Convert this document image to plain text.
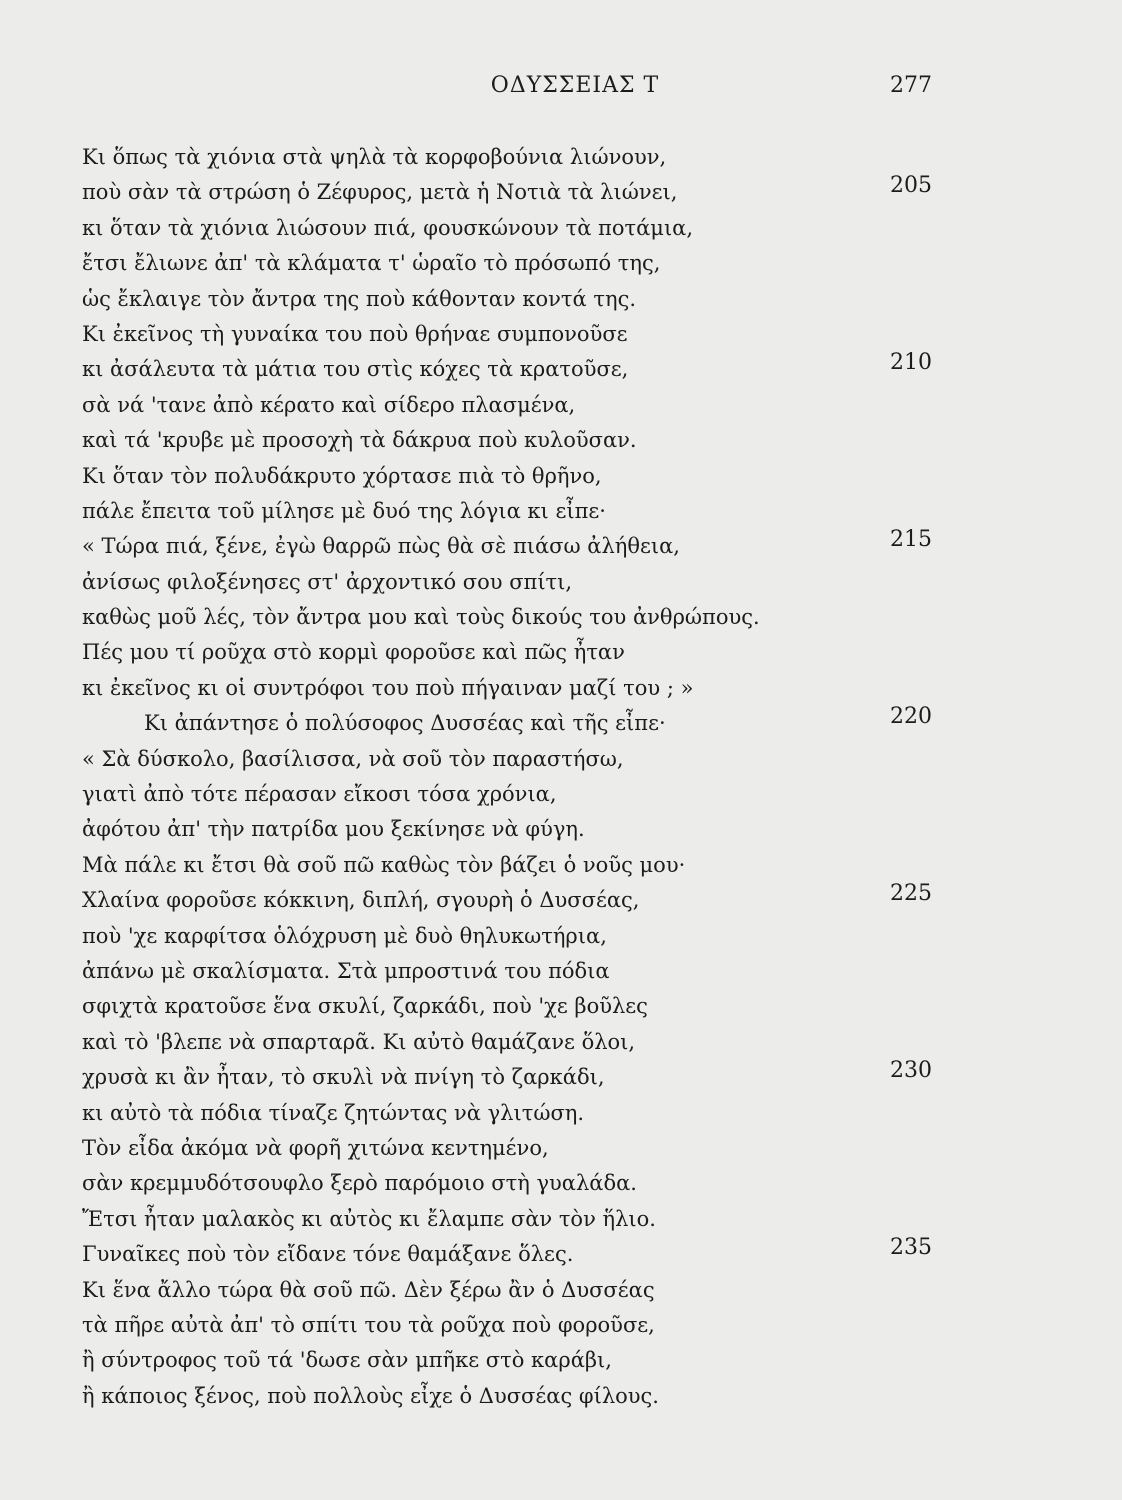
ΟΔΥΣΣΕΙΑΣ Τ	277
Κι ὅπως τὰ χιόνια στὰ ψηλὰ τὰ κορφοβούνια λιώνουν,
ποὺ σὰν τὰ στρώση ὁ Ζέφυρος, μετὰ ἡ Νοτιὰ τὰ λιώνει,	205
κι ὅταν τὰ χιόνια λιώσουν πιά, φουσκώνουν τὰ ποτάμια,
ἔτσι ἔλιωνε ἀπ' τὰ κλάματα τ' ὡραῖο τὸ πρόσωπό της,
ὡς ἔκλαιγε τὸν ἄντρα της ποὺ κάθονταν κοντά της.
Κι ἐκεῖνος τὴ γυναίκα του ποὺ θρήναε συμπονοῦσε
κι ἀσάλευτα τὰ μάτια του στὶς κόχες τὰ κρατοῦσε,	210
σὰ νά 'τανε ἀπὸ κέρατο καὶ σίδερο πλασμένα,
καὶ τά 'κρυβε μὲ προσοχὴ τὰ δάκρυα ποὺ κυλοῦσαν.
Κι ὅταν τὸν πολυδάκρυτο χόρτασε πιὰ τὸ θρῆνο,
πάλε ἔπειτα τοῦ μίλησε μὲ δυό της λόγια κι εἶπε·
« Τώρα πιά, ξένε, ἐγὼ θαρρῶ πὼς θὰ σὲ πιάσω ἀλήθεια,	215
ἀνίσως φιλοξένησες στ' ἀρχοντικό σου σπίτι,
καθὼς μοῦ λές, τὸν ἄντρα μου καὶ τοὺς δικούς του ἀνθρώπους.
Πές μου τί ροῦχα στὸ κορμὶ φοροῦσε καὶ πῶς ἦταν
κι ἐκεῖνος κι οἱ συντρόφοι του ποὺ πήγαιναν μαζί του ; »
Κι ἀπάντησε ὁ πολύσοφος Δυσσέας καὶ τῆς εἶπε·	220
« Σὰ δύσκολο, βασίλισσα, νὰ σοῦ τὸν παραστήσω,
γιατὶ ἀπὸ τότε πέρασαν εἴκοσι τόσα χρόνια,
ἀφότου ἀπ' τὴν πατρίδα μου ξεκίνησε νὰ φύγη.
Μὰ πάλε κι ἔτσι θὰ σοῦ πῶ καθὼς τὸν βάζει ὁ νοῦς μου·
Χλαίνα φοροῦσε κόκκινη, διπλή, σγουρὴ ὁ Δυσσέας,	225
ποὺ 'χε καρφίτσα ὁλόχρυση μὲ δυὸ θηλυκωτήρια,
ἀπάνω μὲ σκαλίσματα. Στὰ μπροστινά του πόδια
σφιχτὰ κρατοῦσε ἕνα σκυλί, ζαρκάδι, ποὺ 'χε βοῦλες
καὶ τὸ 'βλεπε νὰ σπαρταρᾶ. Κι αὐτὸ θαμάζανε ὅλοι,
χρυσὰ κι ἂν ἦταν, τὸ σκυλὶ νὰ πνίγη τὸ ζαρκάδι,	230
κι αὐτὸ τὰ πόδια τίναζε ζητώντας νὰ γλιτώση.
Τὸν εἶδα ἀκόμα νὰ φορῆ χιτώνα κεντημένο,
σὰν κρεμμυδότσουφλο ξερὸ παρόμοιο στὴ γυαλάδα.
Ἔτσι ἦταν μαλακὸς κι αὐτὸς κι ἔλαμπε σὰν τὸν ἥλιο.
Γυναῖκες ποὺ τὸν εἴδανε τόνε θαμάξανε ὅλες.	235
Κι ἕνα ἄλλο τώρα θὰ σοῦ πῶ. Δὲν ξέρω ἂν ὁ Δυσσέας
τὰ πῆρε αὐτὰ ἀπ' τὸ σπίτι του τὰ ροῦχα ποὺ φοροῦσε,
ἢ σύντροφος τοῦ τά 'δωσε σὰν μπῆκε στὸ καράβι,
ἢ κάποιος ξένος, ποὺ πολλοὺς εἶχε ὁ Δυσσέας φίλους.
